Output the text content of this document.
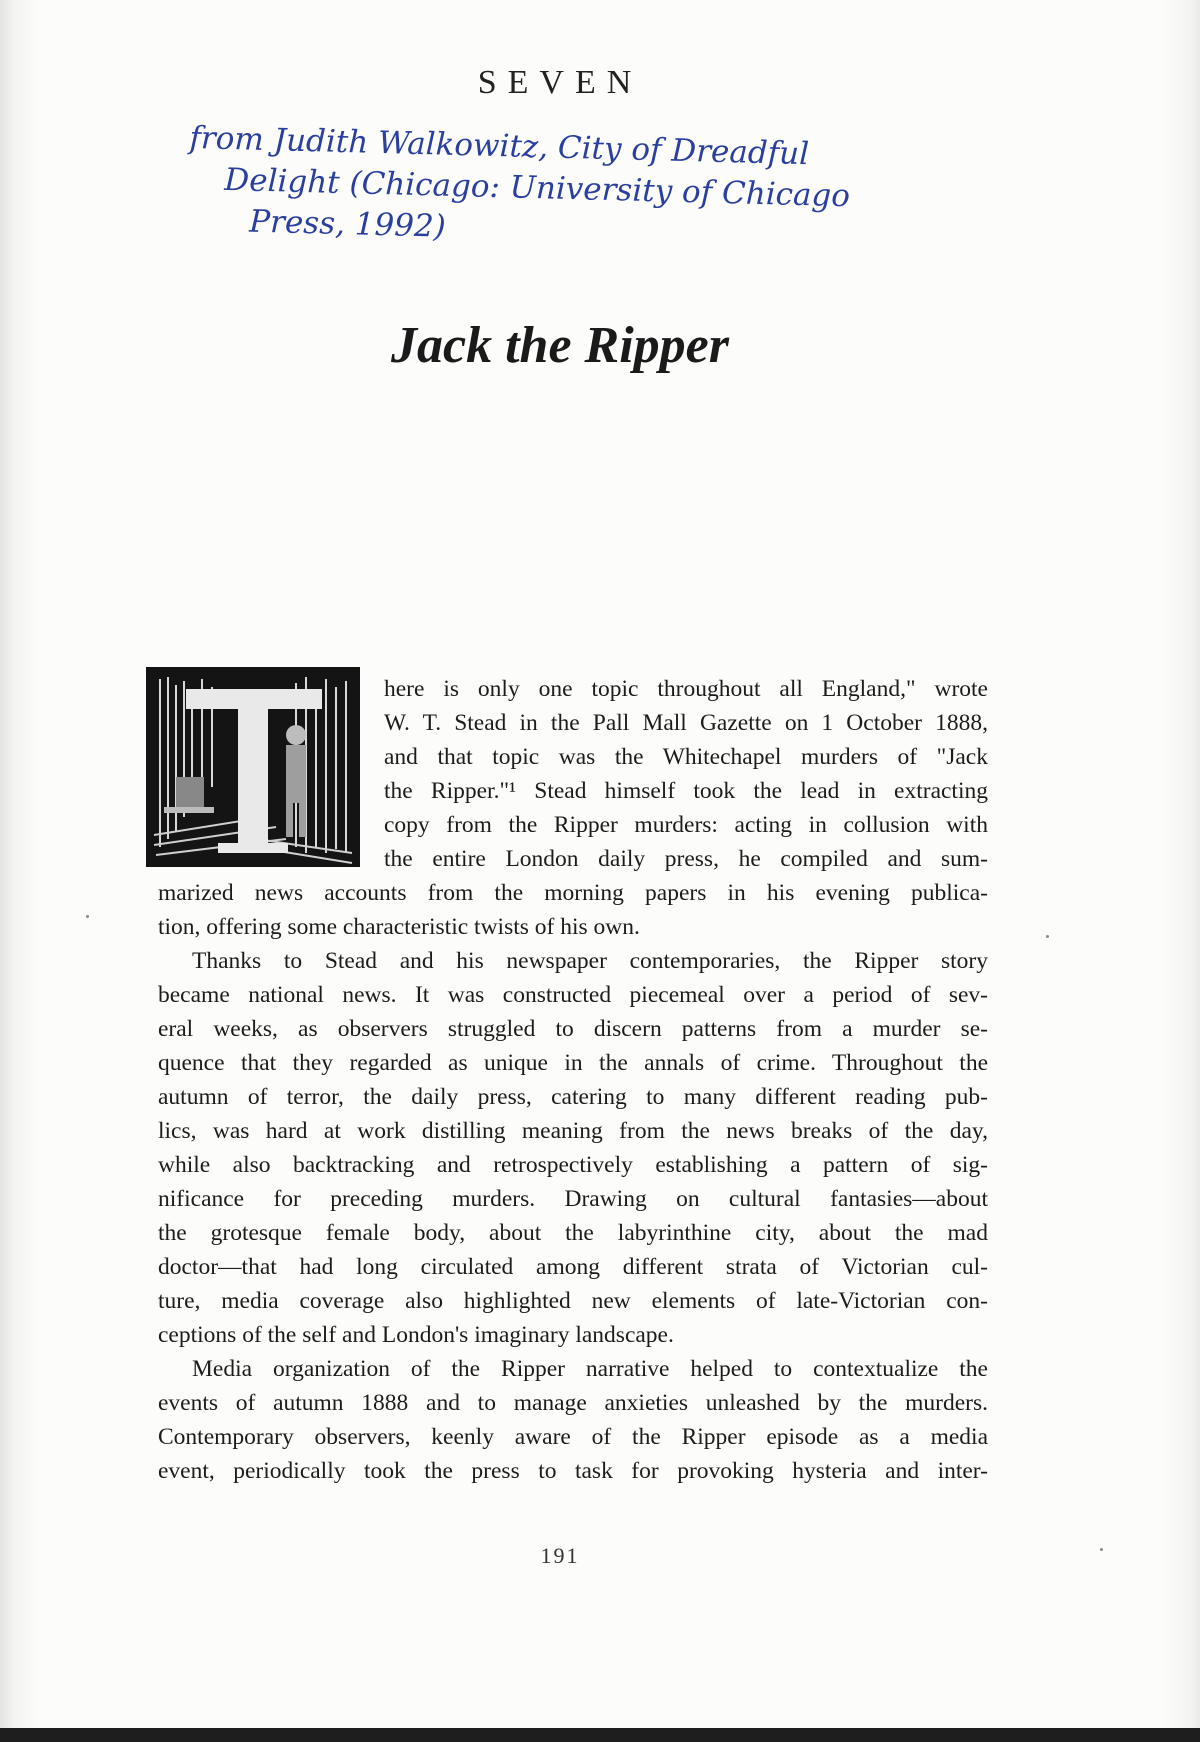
SEVEN
from Judith Walkowitz, City of Dreadful
Delight (Chicago: University of Chicago
Press, 1992)
Jack the Ripper
here is only one topic throughout all England," wrote
W. T. Stead in the Pall Mall Gazette on 1 October 1888,
and that topic was the Whitechapel murders of "Jack
the Ripper."¹ Stead himself took the lead in extracting
copy from the Ripper murders: acting in collusion with
the entire London daily press, he compiled and sum-
marized news accounts from the morning papers in his evening publica-
tion, offering some characteristic twists of his own.
Thanks to Stead and his newspaper contemporaries, the Ripper story
became national news. It was constructed piecemeal over a period of sev-
eral weeks, as observers struggled to discern patterns from a murder se-
quence that they regarded as unique in the annals of crime. Throughout the
autumn of terror, the daily press, catering to many different reading pub-
lics, was hard at work distilling meaning from the news breaks of the day,
while also backtracking and retrospectively establishing a pattern of sig-
nificance for preceding murders. Drawing on cultural fantasies—about
the grotesque female body, about the labyrinthine city, about the mad
doctor—that had long circulated among different strata of Victorian cul-
ture, media coverage also highlighted new elements of late-Victorian con-
ceptions of the self and London's imaginary landscape.
Media organization of the Ripper narrative helped to contextualize the
events of autumn 1888 and to manage anxieties unleashed by the murders.
Contemporary observers, keenly aware of the Ripper episode as a media
event, periodically took the press to task for provoking hysteria and inter-
191
